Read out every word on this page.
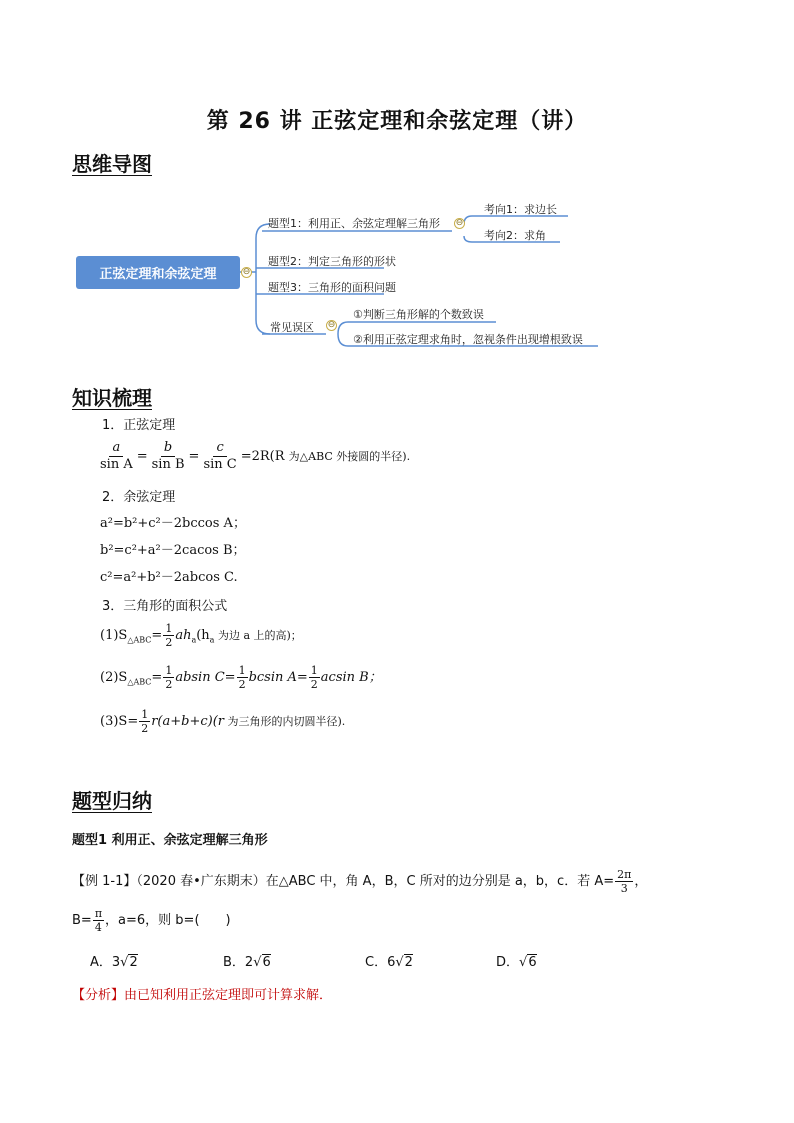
第 26 讲 正弦定理和余弦定理（讲）
思维导图
正弦定理和余弦定理	⊖
题型1：利用正、余弦定理解三角形 ⊖
考向1：求边长
考向2：求角
题型2：判定三角形的形状
题型3：三角形的面积问题
常见误区 ⊖
①判断三角形解的个数致误
②利用正弦定理求角时，忽视条件出现增根致误
知识梳理
1．正弦定理
$\frac{a}{\text{sin A}} = \frac{b}{\text{sin B}} = \frac{c}{\text{sin C}} =2R(R$ 为△ABC 外接圆的半径).
2．余弦定理
a²=b²+c²－2bccos A；
b²=c²+a²－2cacos B；
c²=a²+b²－2abcos C.
3．三角形的面积公式
$(1)S_{\triangle ABC}= \frac{1}{2} ah_a(h_a$ 为边 a 上的高)；
$(2)S_{\triangle ABC}= \frac{1}{2}$ absin $C= \frac{1}{2}$ bcsin $A= \frac{1}{2}$ acsin B；
$(3)S= \frac{1}{2} r(a+b+c)(r$ 为三角形的内切圆半径).
题型归纳
题型1 利用正、余弦定理解三角形
【例 1-1】（2020 春•广东期末）在△ABC 中，角 A，B，C 所对的边分别是 a，b，c．若 $A= \frac{2\pi}{3}$ ，
$B= \frac{\pi}{4}$ ，a=6，则 b=(　　)
A．3√2	B．2√6	C．6√2	D．√6
【分析】由已知利用正弦定理即可计算求解．
